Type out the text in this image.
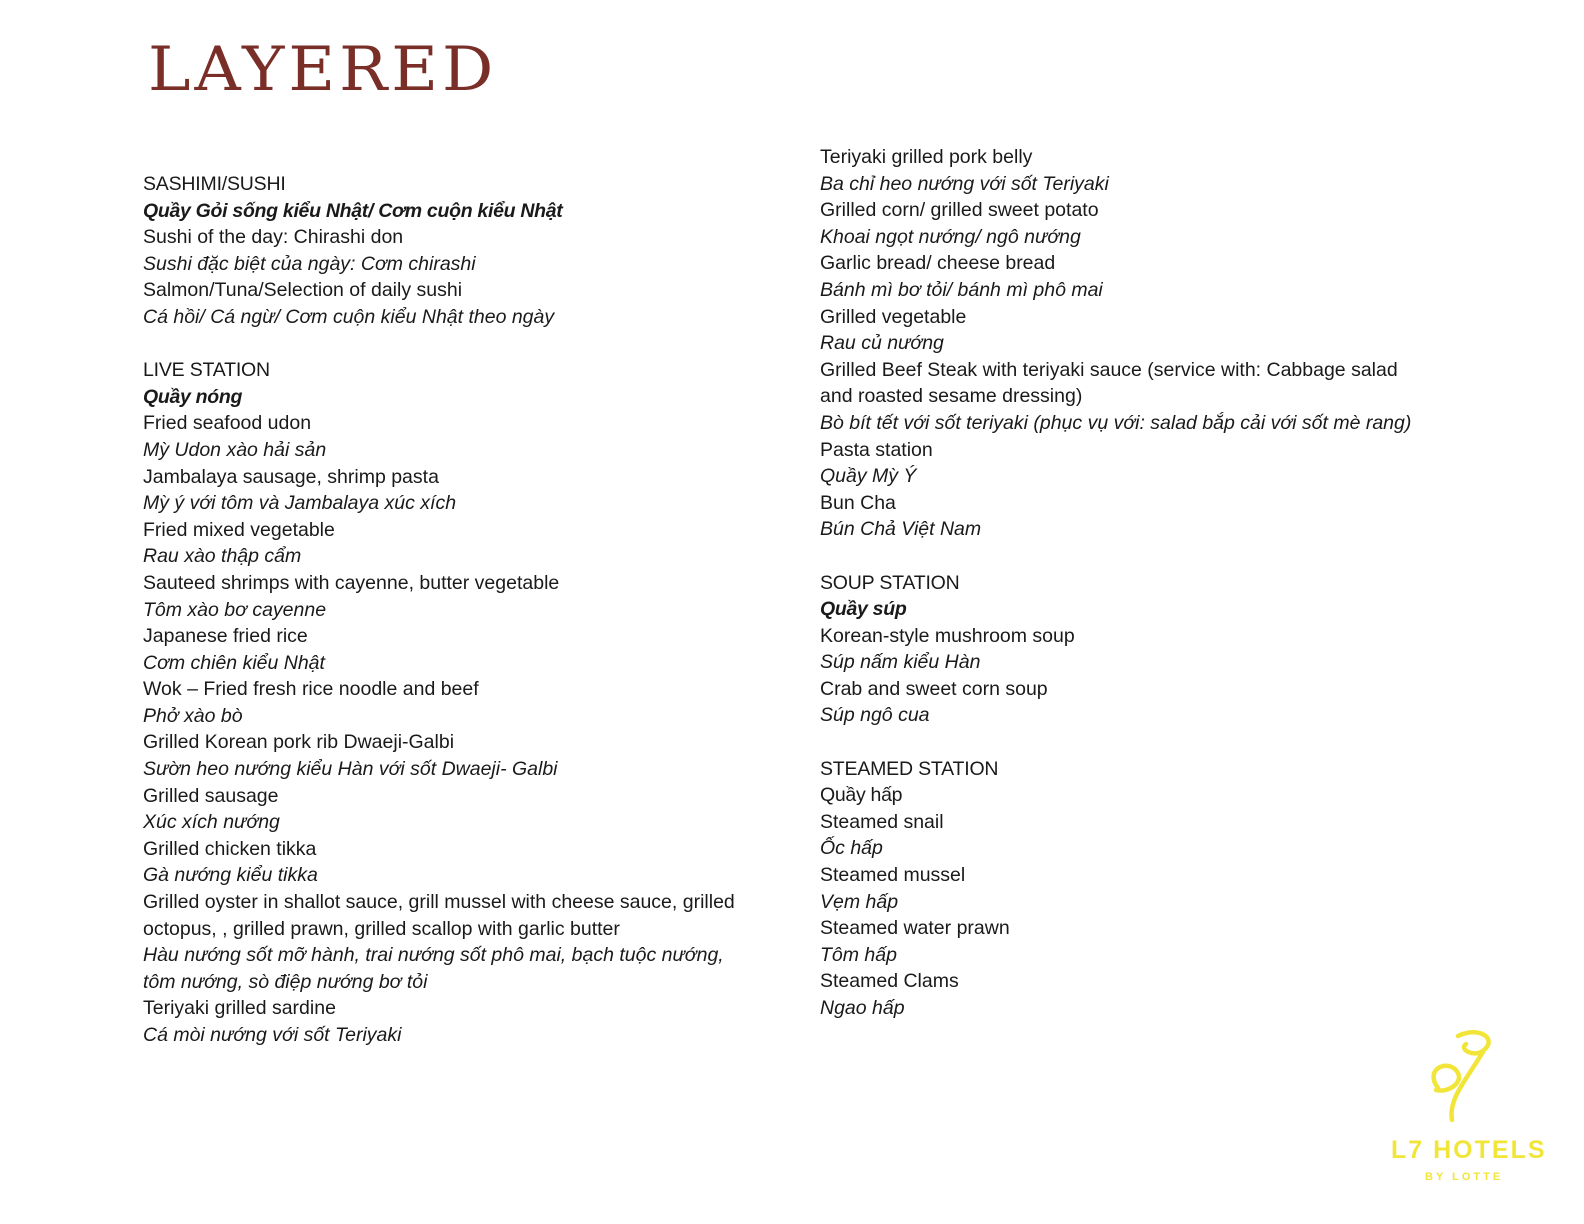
LAYERED
SASHIMI/SUSHI
Quầy Gỏi sống kiểu Nhật/ Cơm cuộn kiểu Nhật
Sushi of the day: Chirashi don
Sushi đặc biệt của ngày: Cơm chirashi
Salmon/Tuna/Selection of daily sushi
Cá hồi/ Cá ngừ/ Cơm cuộn kiểu Nhật theo ngày
LIVE STATION
Quầy nóng
Fried seafood udon
Mỳ Udon xào hải sản
Jambalaya sausage, shrimp pasta
Mỳ ý với tôm và Jambalaya xúc xích
Fried mixed vegetable
Rau xào thập cẩm
Sauteed shrimps with cayenne, butter vegetable
Tôm xào bơ cayenne
Japanese fried rice
Cơm chiên kiểu Nhật
Wok – Fried fresh rice noodle and beef
Phở xào bò
Grilled Korean pork rib Dwaeji-Galbi
Sườn heo nướng kiểu Hàn với sốt Dwaeji- Galbi
Grilled sausage
Xúc xích nướng
Grilled chicken tikka
Gà nướng kiểu tikka
Grilled oyster in shallot sauce, grill mussel with cheese sauce, grilled
octopus, , grilled prawn, grilled scallop with garlic butter
Hàu nướng sốt mỡ hành, trai nướng sốt phô mai, bạch tuộc nướng,
tôm nướng, sò điệp nướng bơ tỏi
Teriyaki grilled sardine
Cá mòi nướng với sốt Teriyaki
Teriyaki grilled pork belly
Ba chỉ heo nướng với sốt Teriyaki
Grilled corn/ grilled sweet potato
Khoai ngọt nướng/ ngô nướng
Garlic bread/ cheese bread
Bánh mì bơ tỏi/ bánh mì phô mai
Grilled vegetable
Rau củ nướng
Grilled Beef Steak with teriyaki sauce (service with: Cabbage salad
and roasted sesame dressing)
Bò bít tết với sốt teriyaki (phục vụ với: salad bắp cải với sốt mè rang)
Pasta station
Quầy Mỳ Ý
Bun Cha
Bún Chả Việt Nam
SOUP STATION
Quầy súp
Korean-style mushroom soup
Súp nấm kiểu Hàn
Crab and sweet corn soup
Súp ngô cua
STEAMED STATION
Quầy hấp
Steamed snail
Ốc hấp
Steamed mussel
Vẹm hấp
Steamed water prawn
Tôm hấp
Steamed Clams
Ngao hấp
L7 HOTELS
BY LOTTE
